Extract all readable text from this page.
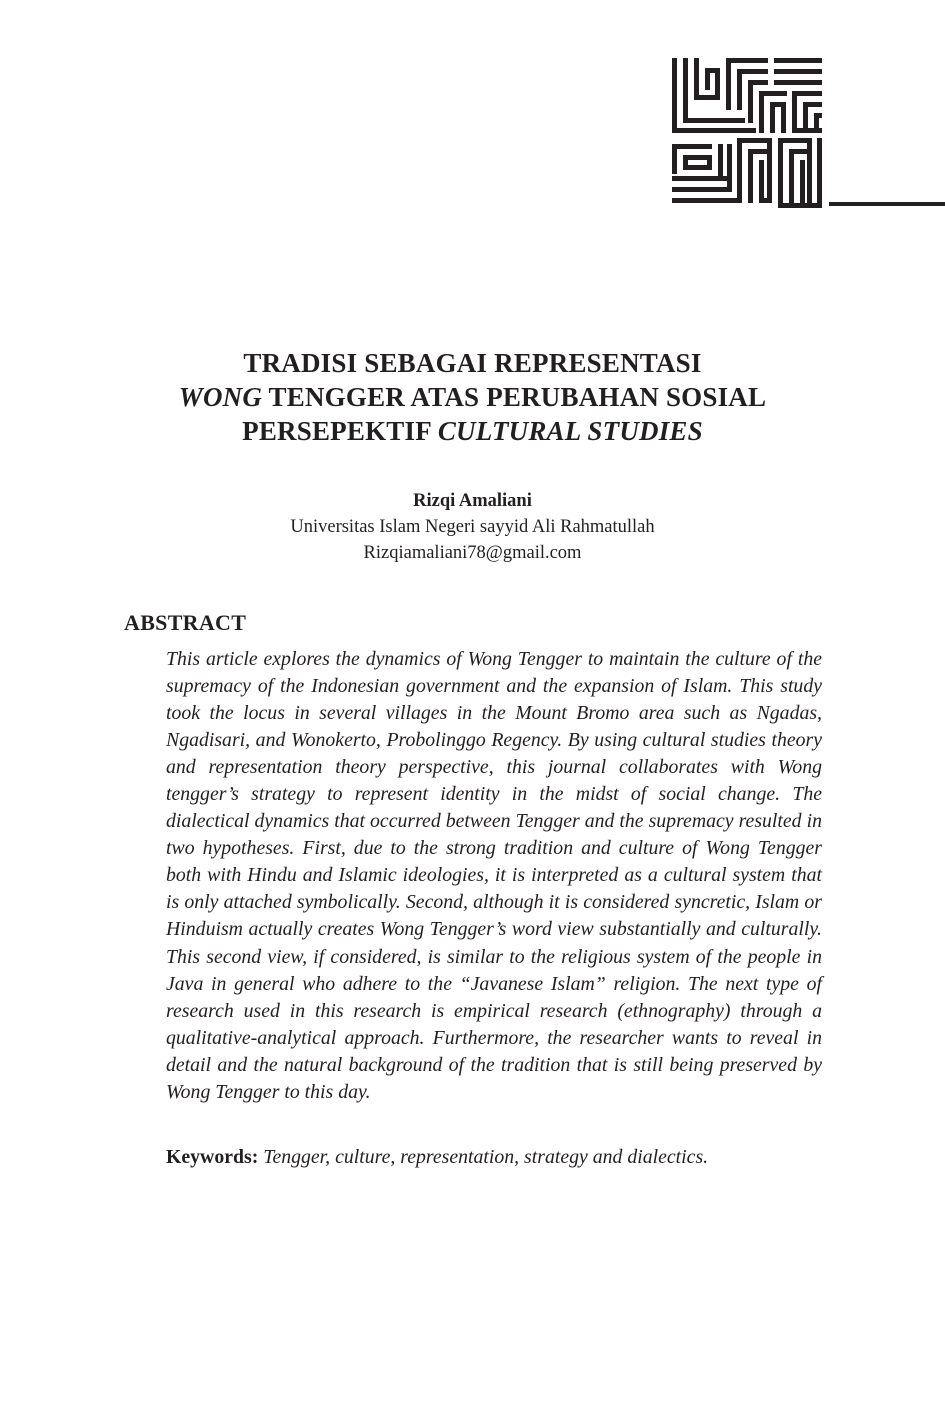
TRADISI SEBAGAI REPRESENTASI
WONG TENGGER ATAS PERUBAHAN SOSIAL
PERSEPEKTIF CULTURAL STUDIES
Rizqi Amaliani
Universitas Islam Negeri sayyid Ali Rahmatullah
Rizqiamaliani78@gmail.com
ABSTRACT
This article explores the dynamics of Wong Tengger to maintain the culture of the supremacy of the Indonesian government and the expansion of Islam. This study took the locus in several villages in the Mount Bromo area such as Ngadas, Ngadisari, and Wonokerto, Probolinggo Regency. By using cultural studies theory and representation theory perspective, this journal collaborates with Wong tengger’s strategy to represent identity in the midst of social change. The dialectical dynamics that occurred between Tengger and the supremacy resulted in two hypotheses. First, due to the strong tradition and culture of Wong Tengger both with Hindu and Islamic ideologies, it is interpreted as a cultural system that is only attached symbolically. Second, although it is considered syncretic, Islam or Hinduism actually creates Wong Tengger’s word view substantially and culturally. This second view, if considered, is similar to the religious system of the people in Java in general who adhere to the “Javanese Islam” religion. The next type of research used in this research is empirical research (ethnography) through a qualitative-analytical approach. Furthermore, the researcher wants to reveal in detail and the natural background of the tradition that is still being preserved by Wong Tengger to this day.
Keywords: Tengger, culture, representation, strategy and dialectics.
